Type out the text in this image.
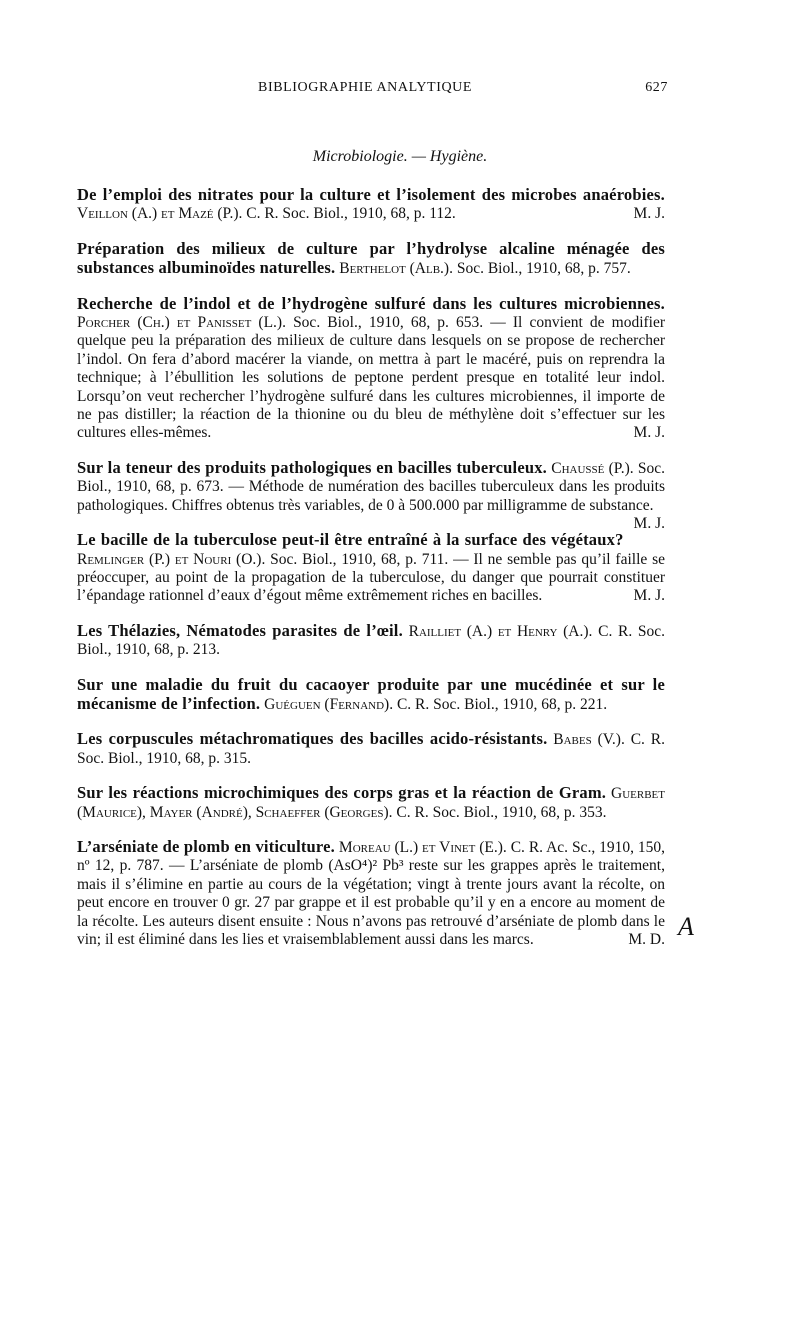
BIBLIOGRAPHIE ANALYTIQUE	627
Microbiologie. — Hygiène.
De l’emploi des nitrates pour la culture et l’isolement des microbes anaérobies. Veillon (A.) et Mazé (P.). C. R. Soc. Biol., 1910, 68, p. 112.	M. J.
Préparation des milieux de culture par l’hydrolyse alcaline ménagée des substances albuminoïdes naturelles. Berthelot (Alb.). Soc. Biol., 1910, 68, p. 757.
Recherche de l’indol et de l’hydrogène sulfuré dans les cultures microbiennes. Porcher (Ch.) et Panisset (L.). Soc. Biol., 1910, 68, p. 653. — Il convient de modifier quelque peu la préparation des milieux de culture dans lesquels on se propose de rechercher l’indol. On fera d’abord macérer la viande, on mettra à part le macéré, puis on reprendra la technique; à l’ébullition les solutions de peptone perdent presque en totalité leur indol. Lorsqu’on veut rechercher l’hydrogène sulfuré dans les cultures microbiennes, il importe de ne pas distiller; la réaction de la thionine ou du bleu de méthylène doit s’effectuer sur les cultures elles-mêmes.	M. J.
Sur la teneur des produits pathologiques en bacilles tuberculeux. Chaussé (P.). Soc. Biol., 1910, 68, p. 673. — Méthode de numération des bacilles tuberculeux dans les produits pathologiques. Chiffres obtenus très variables, de 0 à 500.000 par milligramme de substance.
M. J.
Le bacille de la tuberculose peut-il être entraîné à la surface des végétaux? Remlinger (P.) et Nouri (O.). Soc. Biol., 1910, 68, p. 711. — Il ne semble pas qu’il faille se préoccuper, au point de la propagation de la tuberculose, du danger que pourrait constituer l’épandage rationnel d’eaux d’égout même extrêmement riches en bacilles.	M. J.
Les Thélazies, Nématodes parasites de l’œil. Railliet (A.) et Henry (A.). C. R. Soc. Biol., 1910, 68, p. 213.
Sur une maladie du fruit du cacaoyer produite par une mucédinée et sur le mécanisme de l’infection. Guéguen (Fernand). C. R. Soc. Biol., 1910, 68, p. 221.
Les corpuscules métachromatiques des bacilles acido-résistants. Babes (V.). C. R. Soc. Biol., 1910, 68, p. 315.
Sur les réactions microchimiques des corps gras et la réaction de Gram. Guerbet (Maurice), Mayer (André), Schaeffer (Georges). C. R. Soc. Biol., 1910, 68, p. 353.
L’arséniate de plomb en viticulture. Moreau (L.) et Vinet (E.). C. R. Ac. Sc., 1910, 150, nº 12, p. 787. — L’arséniate de plomb (AsO⁴)² Pb³ reste sur les grappes après le traitement, mais il s’élimine en partie au cours de la végétation; vingt à trente jours avant la récolte, on peut encore en trouver 0 gr. 27 par grappe et il est probable qu’il y en a encore au moment de la récolte. Les auteurs disent ensuite : Nous n’avons pas retrouvé d’arséniate de plomb dans le vin; il est éliminé dans les lies et vraisemblablement aussi dans les marcs.	M. D. A
